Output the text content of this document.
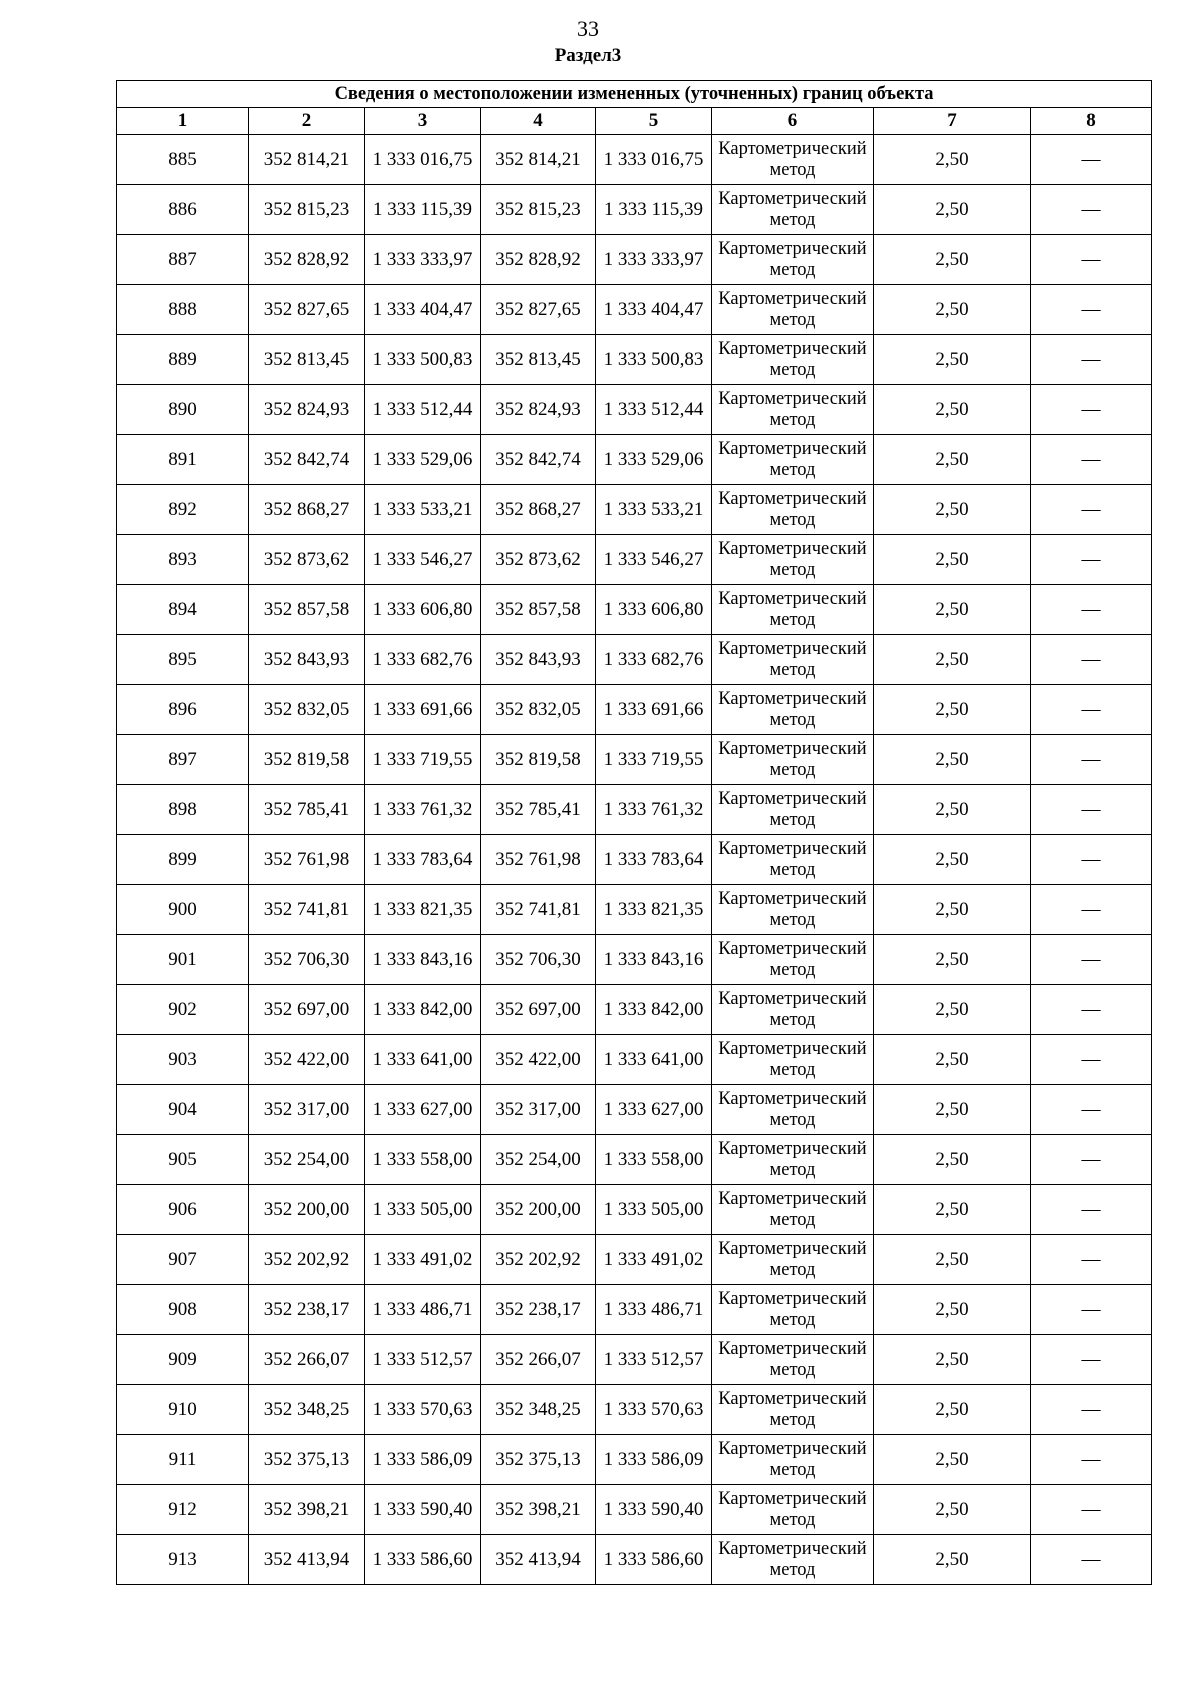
33
Раздел3
Сведения о местоположении измененных (уточненных) границ объекта							
1	2	3	4	5	6	7	8
885	352 814,21	1 333 016,75	352 814,21	1 333 016,75	Картометрический метод	2,50	—
886	352 815,23	1 333 115,39	352 815,23	1 333 115,39	Картометрический метод	2,50	—
887	352 828,92	1 333 333,97	352 828,92	1 333 333,97	Картометрический метод	2,50	—
888	352 827,65	1 333 404,47	352 827,65	1 333 404,47	Картометрический метод	2,50	—
889	352 813,45	1 333 500,83	352 813,45	1 333 500,83	Картометрический метод	2,50	—
890	352 824,93	1 333 512,44	352 824,93	1 333 512,44	Картометрический метод	2,50	—
891	352 842,74	1 333 529,06	352 842,74	1 333 529,06	Картометрический метод	2,50	—
892	352 868,27	1 333 533,21	352 868,27	1 333 533,21	Картометрический метод	2,50	—
893	352 873,62	1 333 546,27	352 873,62	1 333 546,27	Картометрический метод	2,50	—
894	352 857,58	1 333 606,80	352 857,58	1 333 606,80	Картометрический метод	2,50	—
895	352 843,93	1 333 682,76	352 843,93	1 333 682,76	Картометрический метод	2,50	—
896	352 832,05	1 333 691,66	352 832,05	1 333 691,66	Картометрический метод	2,50	—
897	352 819,58	1 333 719,55	352 819,58	1 333 719,55	Картометрический метод	2,50	—
898	352 785,41	1 333 761,32	352 785,41	1 333 761,32	Картометрический метод	2,50	—
899	352 761,98	1 333 783,64	352 761,98	1 333 783,64	Картометрический метод	2,50	—
900	352 741,81	1 333 821,35	352 741,81	1 333 821,35	Картометрический метод	2,50	—
901	352 706,30	1 333 843,16	352 706,30	1 333 843,16	Картометрический метод	2,50	—
902	352 697,00	1 333 842,00	352 697,00	1 333 842,00	Картометрический метод	2,50	—
903	352 422,00	1 333 641,00	352 422,00	1 333 641,00	Картометрический метод	2,50	—
904	352 317,00	1 333 627,00	352 317,00	1 333 627,00	Картометрический метод	2,50	—
905	352 254,00	1 333 558,00	352 254,00	1 333 558,00	Картометрический метод	2,50	—
906	352 200,00	1 333 505,00	352 200,00	1 333 505,00	Картометрический метод	2,50	—
907	352 202,92	1 333 491,02	352 202,92	1 333 491,02	Картометрический метод	2,50	—
908	352 238,17	1 333 486,71	352 238,17	1 333 486,71	Картометрический метод	2,50	—
909	352 266,07	1 333 512,57	352 266,07	1 333 512,57	Картометрический метод	2,50	—
910	352 348,25	1 333 570,63	352 348,25	1 333 570,63	Картометрический метод	2,50	—
911	352 375,13	1 333 586,09	352 375,13	1 333 586,09	Картометрический метод	2,50	—
912	352 398,21	1 333 590,40	352 398,21	1 333 590,40	Картометрический метод	2,50	—
913	352 413,94	1 333 586,60	352 413,94	1 333 586,60	Картометрический метод	2,50	—
